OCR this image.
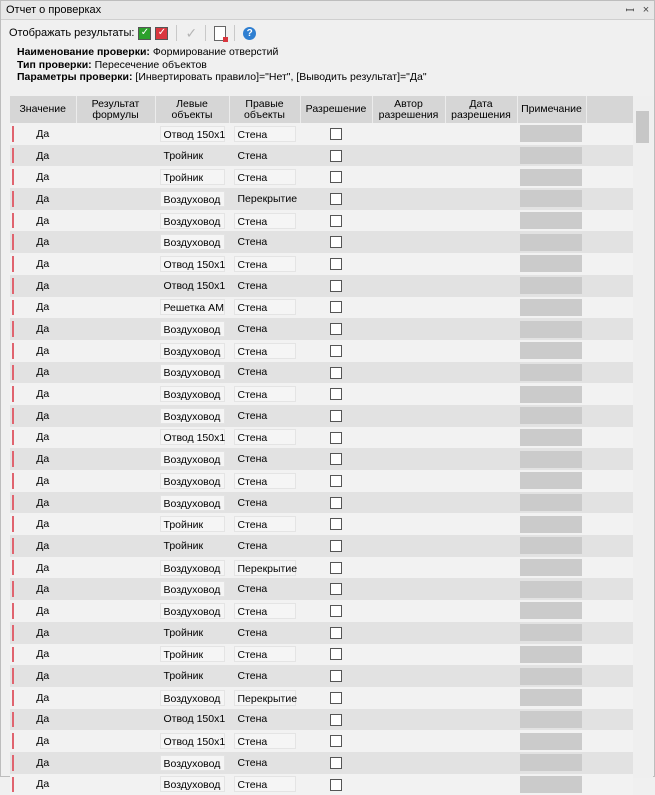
Отчет о проверках	ꟷ ×
Отображать результаты: ✓ ✓ ✓	?
Наименование проверки: Формирование отверстий
Тип проверки: Пересечение объектов
Параметры проверки: [Инвертировать правило]="Нет", [Выводить результат]="Да"
Значение	Результат формулы	Левые объекты	Правые объекты	Разрешение	Автор разрешения	Дата разрешения	Примечание	
Да		Отвод 150х1	Стена					

Да		Тройник	Стена				

Да		Тройник	Стена					

Да		Воздуховод	Перекрытие				

Да		Воздуховод	Стена					

Да		Воздуховод	Стена				

Да		Отвод 150х1	Стена					

Да		Отвод 150х1	Стена				

Да		Решетка АМ	Стена					

Да		Воздуховод	Стена				

Да		Воздуховод	Стена					

Да		Воздуховод	Стена				

Да		Воздуховод	Стена					

Да		Воздуховод	Стена				

Да		Отвод 150х1	Стена					

Да		Воздуховод	Стена				

Да		Воздуховод	Стена					

Да		Воздуховод	Стена				

Да		Тройник	Стена					

Да		Тройник	Стена				

Да		Воздуховод	Перекрытие					

Да		Воздуховод	Стена				

Да		Воздуховод	Стена					

Да		Тройник	Стена				

Да		Тройник	Стена					

Да		Тройник	Стена				

Да		Воздуховод	Перекрытие					

Да		Отвод 150х1	Стена				

Да		Отвод 150х1	Стена					

Да		Воздуховод	Стена				

Да		Воздуховод	Стена					
